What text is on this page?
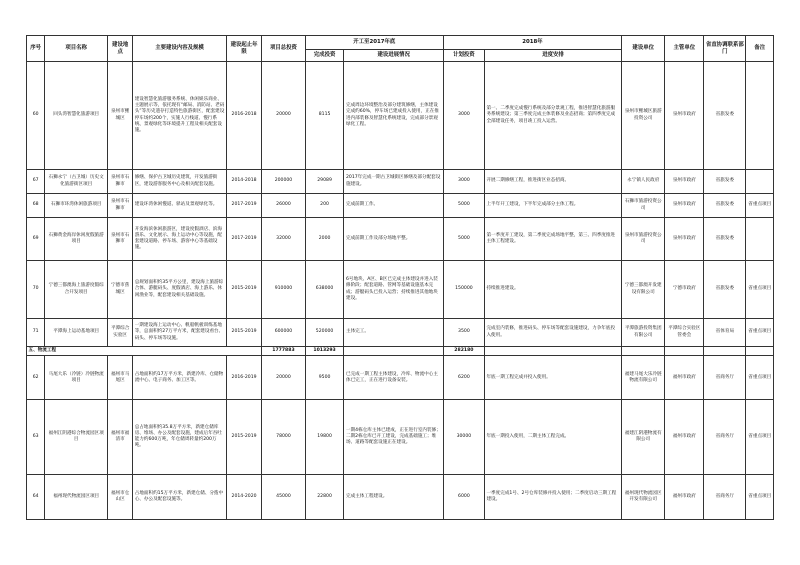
序号	项目名称	建设地点	主要建设内容及规模	建设起止年限	项目总投资	开工至2017年底		2018年		建设单位	主管单位	省直协调联系部门	备注
						完成投资	建设进展情况	计划投资	进度安排				
60	回头湾智慧化旅游项目	泉州市鲤城区	建设智慧化旅游服务系统、休闲娱乐商业、主题展示等，依托现有“邮局、消防站、老码头”等历史遗存打造特色旅游街区，配套建设停车场约200个，实施人行栈道、慢行系统、景观绿化等环境提升工程及相关配套设施。	2016-2018	20000	8115	完成周边环境整治及部分建筑修缮，主体建设完成约60%，停车场已建成投入使用，正在推进内部装修及智慧化系统建设，完成部分景观绿化工程。	3000	第一、二季度完成慢行系统及部分景观工程，推进智慧化旅游服务系统建设；第三季度完成主体装修及业态招商；第四季度完成全部建设任务，项目竣工投入运营。	泉州市鲤城区旅游投资公司	泉州市政府	省旅发委	
67	石狮永宁（古卫城）历史文化旅游街区项目	泉州市石狮市	修缮、保护古卫城历史建筑，开发旅游街区，建设游客服务中心及相关配套设施。	2014-2018	200000	29089	2017年完成一期古卫城街区修缮及部分配套设施建设。	3000	开展二期修缮工程，推进街区业态招商。	永宁镇人民政府	泉州市政府	省旅发委	
68	石狮市环湾休闲旅游项目	泉州市石狮市	建设环湾休闲慢道、驿站及景观绿化等。	2017-2019	26000	200	完成前期工作。	5000	上半年开工建设，下半年完成部分主体工程。	石狮市旅游投资公司	泉州市政府	省旅发委	省重点项目
69	石狮黄金海岸休闲度假旅游项目	泉州市石狮市	开发海滨休闲旅游区，建设度假酒店、滨海游乐、文化展示、海上运动中心等设施，配套建设道路、停车场、游客中心等基础设施。	2017-2019	32000	2000	完成前期工作及部分场地平整。	5000	第一季度开工建设，第二季度完成场地平整，第三、四季度推进主体工程建设。	泉州市旅游投资公司	泉州市政府	省旅发委	
70	宁德三都澳海上旅游度假综合开发项目	宁德市蕉城区	总规划面积约35平方公里，建设海上旅游综合体、游艇码头、度假酒店、海上游乐、休闲渔业等，配套建设相关基础设施。	2015-2019	910000	638000	6号地块、A区、B区已完成主体建设并进入装修阶段；配套道路、管网等基础设施基本完成；游艇码头已投入运营；持续推进其他地块建设。	150000	持续推进建设。	宁德三都澳开发建设有限公司	宁德市政府	省旅发委	省重点项目
71	平潭海上运动基地项目	平潭综合实验区	一期建设海上运动中心、帆船帆板训练基地等，总面积约27万平方米，配套建设看台、码头、停车场等设施。	2015-2019	600000	520000	主体完工。	3500	完成室内装修，推进码头、停车场等配套设施建设，力争年底投入使用。	平潭旅游投资集团有限公司	平潭综合实验区管委会	省体育局	省重点项目
五、物流工程					1777883	1013293		282180					
62	马尾大乐（冷链）冷链物流项目	福州市马尾区	占地面积约17万平方米，新建冷库、仓储物流中心、电子商务、加工区等。	2016-2019	20000	9500	已完成一期工程主体建设，冷库、物流中心主体已完工，正在进行设备安装。	6200	年底一期工程完成并投入使用。	福建马尾大乐冷链物流有限公司	福州市政府	省商务厅	省重点项目
63	福州江阴港综合物流园区项目	福州市福清市	总占地面积约35.8万平方米，新建仓储库房、堆场、办公及配套设施，建成后年吞吐能力约600万吨，年仓储周转量约200万吨。	2015-2019	78000	19800	一期4栋仓库主体已建成，正在进行室内装修；二期2栋仓库已开工建设，完成基础施工；堆场、道路等配套设施正在建设。	30000	年底一期投入使用，二期主体工程完成。	福建江阴港物流有限公司	福州市政府	省商务厅	省重点项目
64	福州现代物流园区项目	福州市仓山区	占地面积约15万平方米，新建仓储、分拨中心、办公及配套设施等。	2014-2020	45000	22800	完成主体工程建设。	6000	一季度完成1号、2号仓库装修并投入使用；二季度启动三期工程建设。	福州现代物流园区开发有限公司	福州市政府	省商务厅	省重点项目
